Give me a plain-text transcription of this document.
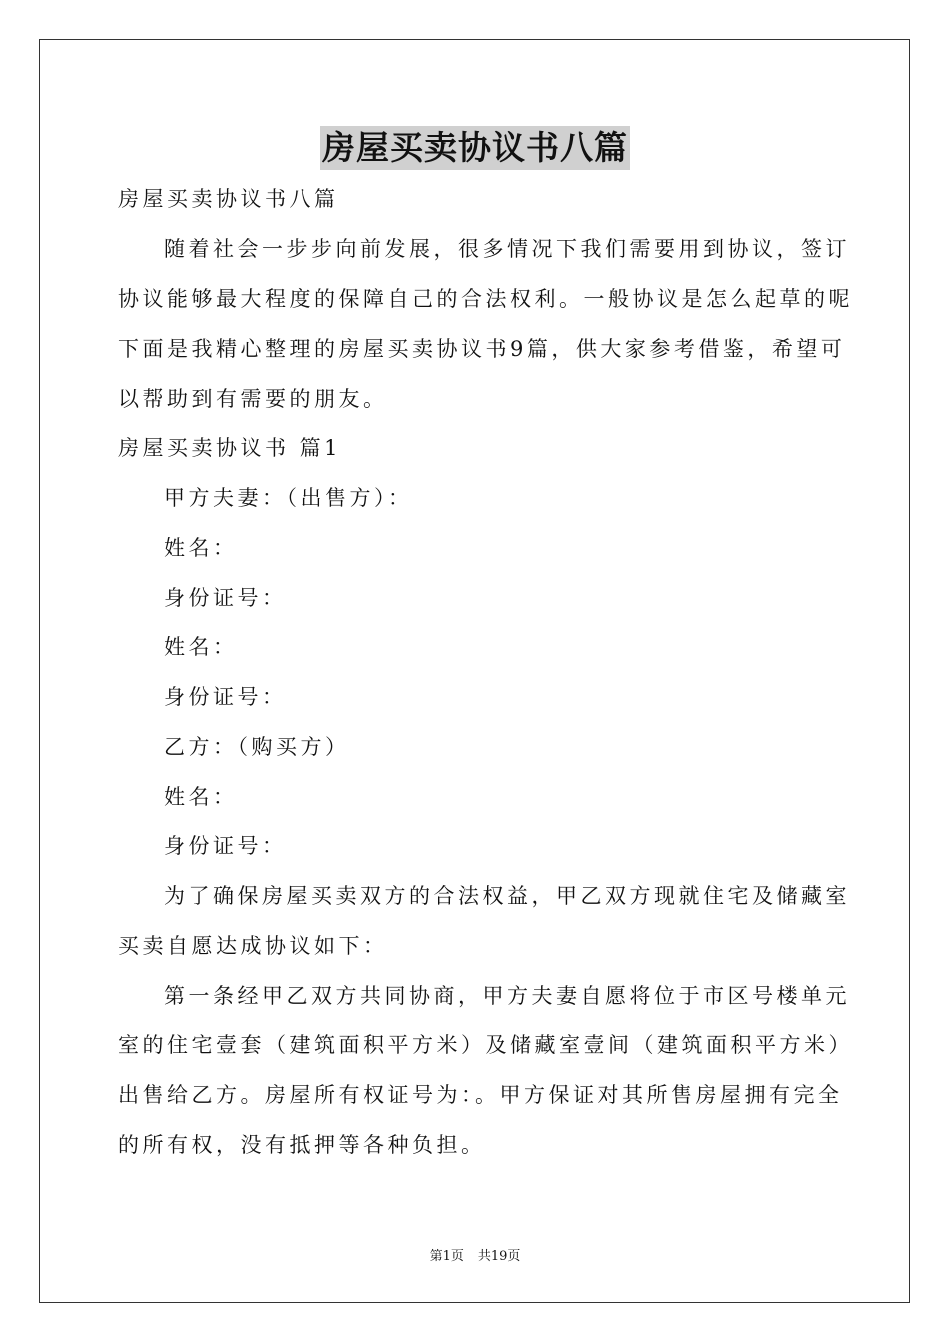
房屋买卖协议书八篇
房屋买卖协议书八篇
随着社会一步步向前发展，很多情况下我们需要用到协议，签订
协议能够最大程度的保障自己的合法权利。一般协议是怎么起草的呢
下面是我精心整理的房屋买卖协议书9篇，供大家参考借鉴，希望可
以帮助到有需要的朋友。
房屋买卖协议书 篇1
甲方夫妻：（出售方）：
姓名：
身份证号：
姓名：
身份证号：
乙方：（购买方）
姓名：
身份证号：
为了确保房屋买卖双方的合法权益，甲乙双方现就住宅及储藏室
买卖自愿达成协议如下：
第一条经甲乙双方共同协商，甲方夫妻自愿将位于市区号楼单元
室的住宅壹套（建筑面积平方米）及储藏室壹间（建筑面积平方米）
出售给乙方。房屋所有权证号为：。甲方保证对其所售房屋拥有完全
的所有权，没有抵押等各种负担。
第1页 共19页
